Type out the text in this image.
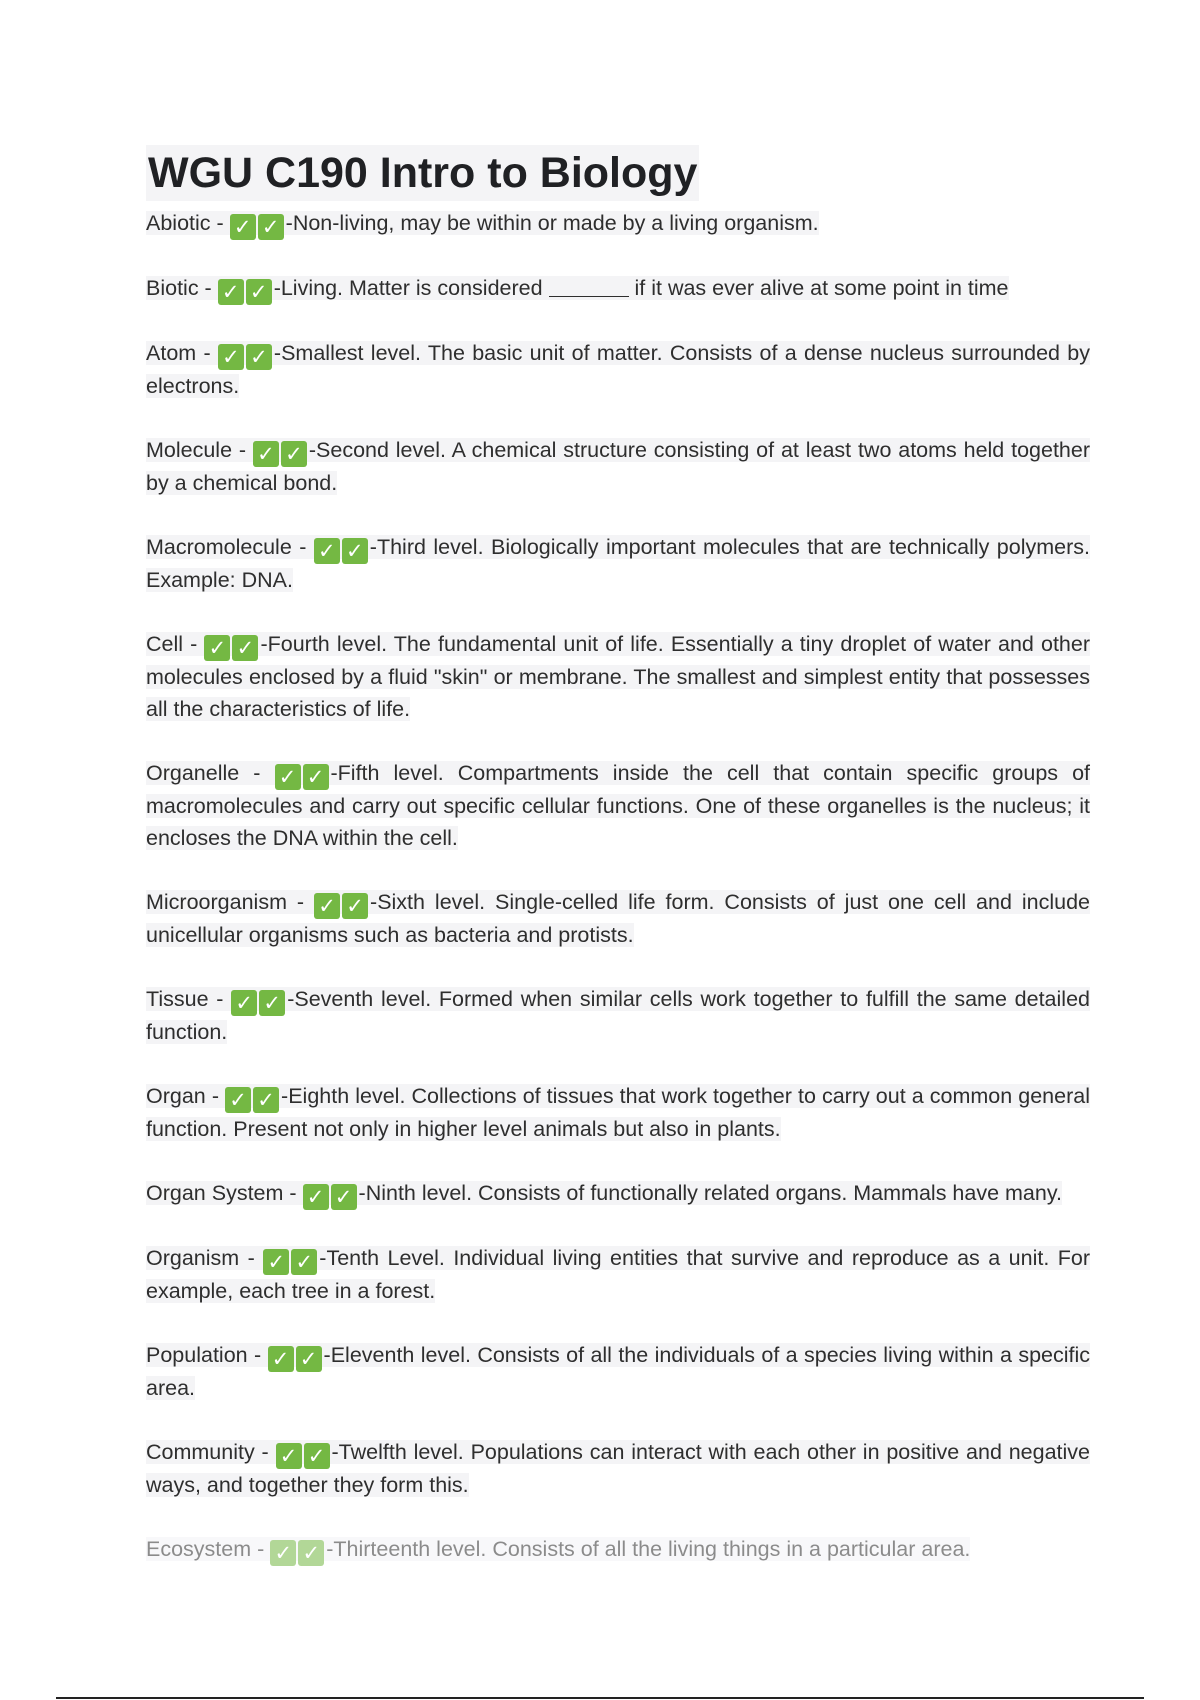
WGU C190 Intro to Biology
Abiotic - ✓ ✓ -Non-living, may be within or made by a living organism.
Biotic - ✓ ✓ -Living. Matter is considered	if it was ever alive at some point in time
Atom - ✓ ✓ -Smallest level. The basic unit of matter. Consists of a dense nucleus surrounded by electrons.
Molecule - ✓ ✓ -Second level. A chemical structure consisting of at least two atoms held together by a chemical bond.
Macromolecule - ✓ ✓ -Third level. Biologically important molecules that are technically polymers. Example: DNA.
Cell - ✓ ✓ -Fourth level. The fundamental unit of life. Essentially a tiny droplet of water and other molecules enclosed by a fluid "skin" or membrane. The smallest and simplest entity that possesses all the characteristics of life.
Organelle - ✓ ✓ -Fifth level. Compartments inside the cell that contain specific groups of macromolecules and carry out specific cellular functions. One of these organelles is the nucleus; it encloses the DNA within the cell.
Microorganism - ✓ ✓ -Sixth level. Single-celled life form. Consists of just one cell and include unicellular organisms such as bacteria and protists.
Tissue - ✓ ✓ -Seventh level. Formed when similar cells work together to fulfill the same detailed function.
Organ - ✓ ✓ -Eighth level. Collections of tissues that work together to carry out a common general function. Present not only in higher level animals but also in plants.
Organ System - ✓ ✓ -Ninth level. Consists of functionally related organs. Mammals have many.
Organism - ✓ ✓ -Tenth Level. Individual living entities that survive and reproduce as a unit. For example, each tree in a forest.
Population - ✓ ✓ -Eleventh level. Consists of all the individuals of a species living within a specific area.
Community - ✓ ✓ -Twelfth level. Populations can interact with each other in positive and negative ways, and together they form this.
Ecosystem - ✓ ✓ -Thirteenth level. Consists of all the living things in a particular area.
